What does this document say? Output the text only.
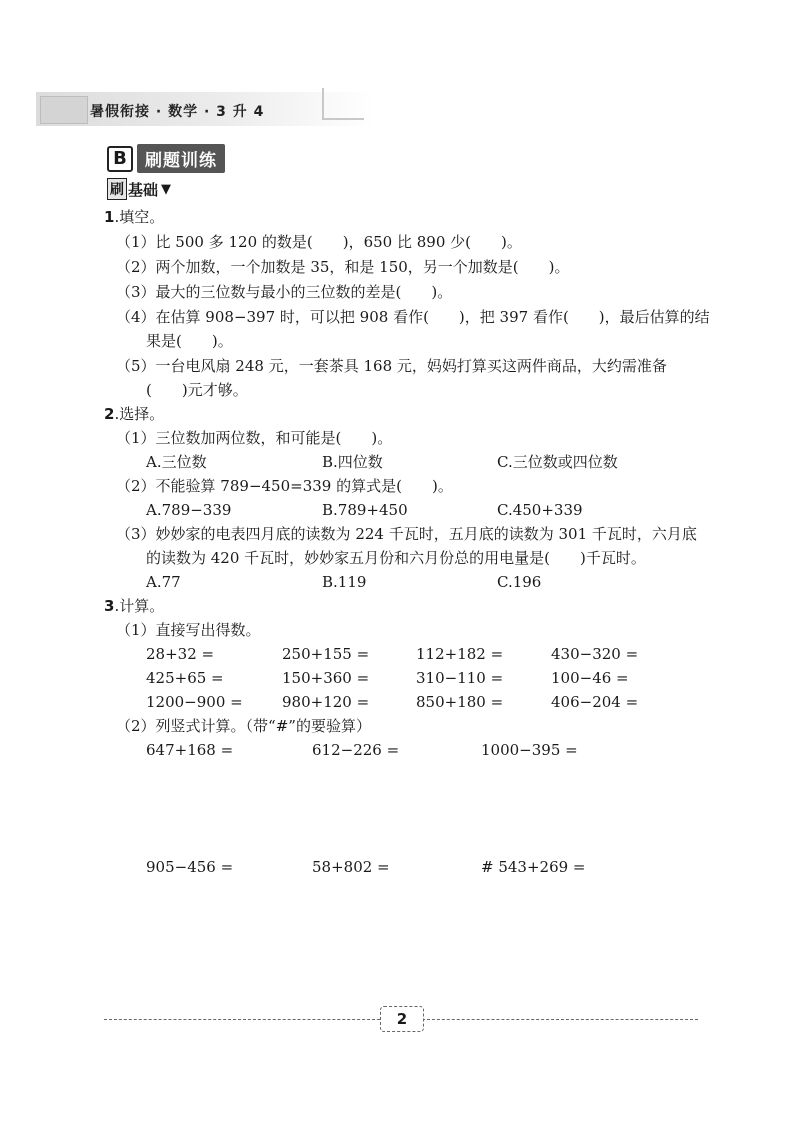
暑假衔接 · 数学 · 3 升 4
B	刷题训练
刷 基础 ▼
1.填空。
（1）比 500 多 120 的数是(　　)，650 比 890 少(　　)。
（2）两个加数，一个加数是 35，和是 150，另一个加数是(　　)。
（3）最大的三位数与最小的三位数的差是(　　)。
（4）在估算 908−397 时，可以把 908 看作(　　)，把 397 看作(　　)，最后估算的结
果是(　　)。
（5）一台电风扇 248 元，一套茶具 168 元，妈妈打算买这两件商品，大约需准备
(　　)元才够。
2.选择。
（1）三位数加两位数，和可能是(　　)。
A.三位数	B.四位数	C.三位数或四位数
（2）不能验算 789−450=339 的算式是(　　)。
A.789−339	B.789+450	C.450+339
（3）妙妙家的电表四月底的读数为 224 千瓦时，五月底的读数为 301 千瓦时，六月底
的读数为 420 千瓦时，妙妙家五月份和六月份总的用电量是(　　)千瓦时。
A.77	B.119	C.196
3.计算。
（1）直接写出得数。
28+32 =	250+155 =	112+182 =	430−320 =
425+65 =	150+360 =	310−110 =	100−46 =
1200−900 =	980+120 =	850+180 =	406−204 =
（2）列竖式计算。（带“#”的要验算）
647+168 =	612−226 =	1000−395 =
905−456 =	58+802 =	# 543+269 =
2
